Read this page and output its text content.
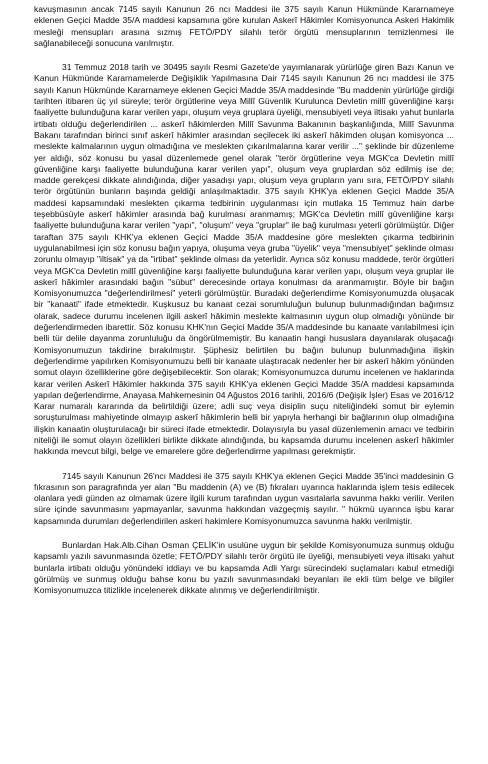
kavuşmasının ancak 7145 sayılı Kanunun 26 ncı Maddesi ile 375 sayılı Kanun Hükmünde Kararnameye eklenen Geçici Madde 35/A maddesi kapsamına göre kurulan Askerî Hâkimler Komisyonunca Askeri Hakimlik mesleği mensupları arasına sızmış FETÖ/PDY silahlı terör örgütü mensuplarının temizlenmesi ile sağlanabileceği sonucuna varılmıştır.

31 Temmuz 2018 tarih ve 30495 sayılı Resmi Gazete'de yayımlanarak yürürlüğe giren Bazı Kanun ve Kanun Hükmünde Kararnamelerde Değişiklik Yapılmasına Dair 7145 sayılı Kanunun 26 ncı maddesi ile 375 sayılı Kanun Hükmünde Kararnameye eklenen Geçici Madde 35/A maddesinde "Bu maddenin yürürlüğe girdiği tarihten itibaren üç yıl süreyle; terör örgütlerine veya Millî Güvenlik Kurulunca Devletin millî güvenliğine karşı faaliyette bulunduğuna karar verilen yapı, oluşum veya gruplara üyeliği, mensubiyeti veya iltisakı yahut bunlarla irtibatı olduğu değerlendirilen ... askerî hâkimlerden Millî Savunma Bakanının başkanlığında, Millî Savunma Bakanı tarafından birinci sınıf askerî hâkimler arasından seçilecek iki askerî hâkimden oluşan komisyonca ... meslekte kalmalarının uygun olmadığına ve meslekten çıkarılmalarına karar verilir ..." şeklinde bir düzenleme yer aldığı, söz konusu bu yasal düzenlemede genel olarak "terör örgütlerine veya MGK'ca Devletin millî güvenliğine karşı faaliyette bulunduğuna karar verilen yapı", oluşum veya gruplardan söz edilmiş ise de; madde gerekçesi dikkate alındığında, diğer yasadışı yapı, oluşum veya grupların yanı sıra, FETÖ/PDY silahlı terör örgütünün bunların başında geldiği anlaşılmaktadır. 375 sayılı KHK'ya eklenen Geçici Madde 35/A maddesi kapsamındaki meslekten çıkarma tedbirinin uygulanması için mutlaka 15 Temmuz hain darbe teşebbüsüyle askerî hâkimler arasında bağ kurulması aranmamış; MGK'ca Devletin millî güvenliğine karşı faaliyette bulunduğuna karar verilen "yapı", "oluşum" veya "gruplar" ile bağ kurulması yeterli görülmüştür. Diğer taraftan 375 sayılı KHK'ya eklenen Geçici Madde 35/A maddesine göre meslekten çıkarma tedbirinin uygulanabilmesi için söz konusu bağın yapıya, oluşuma veya gruba "üyelik" veya "mensubiyet" şeklinde olması zorunlu olmayıp "iltisak" ya da "irtibat" şeklinde olması da yeterlidir. Ayrıca söz konusu maddede, terör örgütleri veya MGK'ca Devletin millî güvenliğine karşı faaliyette bulunduğuna karar verilen yapı, oluşum veya gruplar ile askerî hâkimler arasındaki bağın "sübut" derecesinde ortaya konulması da aranmamıştır. Böyle bir bağın Komisyonumuzca "değerlendirilmesi" yeterli görülmüştür. Buradaki değerlendirme Komisyonumuzda oluşacak bir "kanaati" ifade etmektedir. Kuşkusuz bu kanaat cezai sorumluluğun bulunup bulunmadığından bağımsız olarak, sadece durumu incelenen ilgili askerî hâkimin meslekte kalmasının uygun olup olmadığı yönünde bir değerlendirmeden ibarettir. Söz konusu KHK'nın Geçici Madde 35/A maddesinde bu kanaate varılabilmesi için belli tür delile dayanma zorunluluğu da öngörülmemiştir. Bu kanaatin hangi hususlara dayanılarak oluşacağı Komisyonumuzun takdirine bırakılmıştır. Şüphesiz belirtilen bu bağın bulunup bulunmadığına ilişkin değerlendirme yapılırken Komisyonumuzu belli bir kanaate ulaştıracak nedenler her bir askerî hâkim yönünden somut olayın özelliklerine göre değişebilecektir. Son olarak; Komisyonumuzca durumu incelenen ve haklarında karar verilen Askerî Hâkimler hakkında 375 sayılı KHK'ya eklenen Geçici Madde 35/A maddesi kapsamında yapılan değerlendirme, Anayasa Mahkemesinin 04 Ağustos 2016 tarihli, 2016/6 (Değişik İşler) Esas ve 2016/12 Karar numaralı kararında da belirtildiği üzere; adli suç veya disiplin suçu niteliğindeki somut bir eylemin soruşturulması mahiyetinde olmayıp askerî hâkimlerin belli bir yapıyla herhangi bir bağlarının olup olmadığına ilişkin kanaatin oluşturulacağı bir süreci ifade etmektedir. Dolayısıyla bu yasal düzenlemenin amacı ve tedbirin niteliği ile somut olayın özellikleri birlikte dikkate alındığında, bu kapsamda durumu incelenen askerî hâkimler hakkında mevcut bilgi, belge ve emarelere göre değerlendirme yapılması gerekmiştir.

7145 sayılı Kanunun 26'ncı Maddesi ile 375 sayılı KHK'ya eklenen Geçici Madde 35'inci maddesinin G fıkrasının son paragrafında yer alan "Bu maddenin (A) ve (B) fıkraları uyarınca haklarında işlem tesis edilecek olanlara yedi günden az olmamak üzere ilgili kurum tarafından uygun vasıtalarla savunma hakkı verilir. Verilen süre içinde savunmasını yapmayanlar, savunma hakkından vazgeçmiş sayılır. " hükmü uyarınca işbu karar kapsamında durumları değerlendirilen askeri hakimlere Komisyonumuzca savunma hakkı verilmiştir.

Bunlardan Hak.Alb.Cihan Osman ÇELİK'in usulüne uygun bir şekilde Komisyonumuza sunmuş olduğu kapsamlı yazılı savunmasında özetle; FETÖ/PDY silahlı terör örgütü ile üyeliği, mensubiyeti veya iltisakı yahut bunlarla irtibatı olduğu yönündeki iddiayı ve bu kapsamda Adli Yargı sürecindeki suçlamaları kabul etmediği görülmüş ve sunmuş olduğu bahse konu bu yazılı savunmasındaki beyanları ile ekli tüm belge ve bilgiler Komisyonumuzca titizlikle incelenerek dikkate alınmış ve değerlendirilmiştir.
